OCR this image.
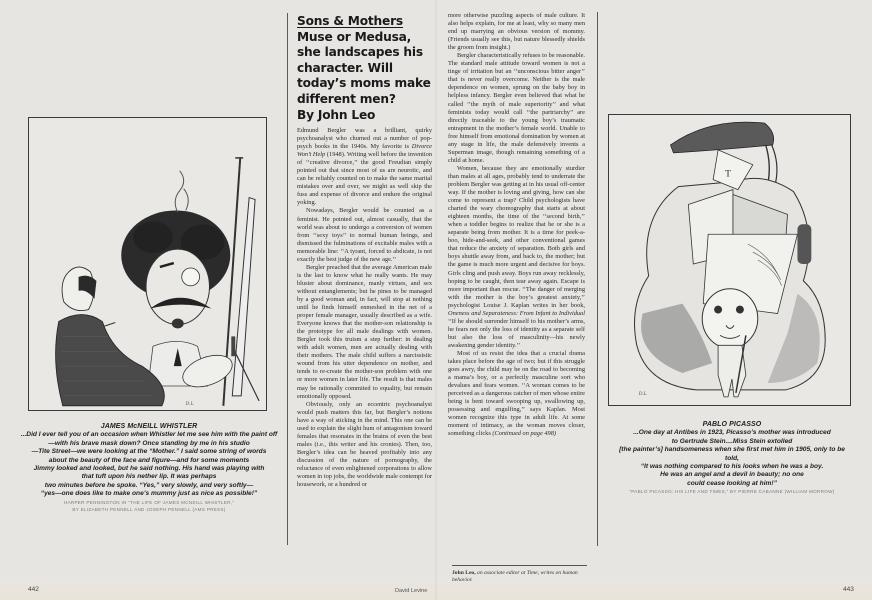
D.L.
JAMES McNEILL WHISTLER
...Did I ever tell you of an occasion when Whistler let me see him with the paint off
—with his brave mask down? Once standing by me in his studio
—Tite Street—we were looking at the “Mother.” I said some string of words
about the beauty of the face and figure—and for some moments
Jimmy looked and looked, but he said nothing. His hand was playing with
that tuft upon his nether lip. It was perhaps
two minutes before he spoke. “Yes,” very slowly, and very softly—
“yes—one does like to make one’s mummy just as nice as possible!”
HARPER PENNINGTON IN “THE LIFE OF JAMES MCNEILL WHISTLER,”
BY ELIZABETH PENNELL AND JOSEPH PENNELL (AMS PRESS)
T
D.L.
PABLO PICASSO
...One day at Antibes in 1923, Picasso’s mother was introduced
to Gertrude Stein....Miss Stein extolled
[the painter’s] handsomeness when she first met him in 1905, only to be told,
“It was nothing compared to his looks when he was a boy.
He was an angel and a devil in beauty; no one
could cease looking at him!”
“PABLO PICASSO: HIS LIFE AND TIMES,” BY PIERRE CABANNE (WILLIAM MORROW)
Sons & Mothers
Muse or Medusa, she landscapes his character. Will today’s moms make different men?
By John Leo

Edmund Bergler was a brilliant, quirky psychoanalyst who churned out a number of pop-psych books in the 1940s. My favorite is Divorce Won’t Help (1948). Writing well before the invention of ‘‘creative divorce,’’ the good Freudian simply pointed out that since most of us are neurotic, and can be reliably counted on to make the same marital mistakes over and over, we might as well skip the fuss and expense of divorce and endure the original yoking.

Nowadays, Bergler would be counted as a feminist. He pointed out, almost casually, that the world was about to undergo a conversion of women from ‘‘sexy toys’’ to normal human beings, and dismissed the fulminations of excitable males with a memorable line: ‘‘A tyrant, forced to abdicate, is not exactly the best judge of the new age.’’

Bergler preached that the average American male is the last to know what he really wants. He may bluster about dominance, manly virtues, and sex without entanglements; but he pines to be managed by a good woman and, in fact, will stop at nothing until he finds himself enmeshed in the net of a proper female manager, usually described as a wife. Everyone knows that the mother-son relationship is the prototype for all male dealings with women. Bergler took this truism a step further: in dealing with adult women, men are actually dealing with their mothers. The male child suffers a narcissistic wound from his utter dependence on mother, and tends to re-create the mother-son problem with one or more women in later life. The result is that males may be rationally commited to equality, but remain emotionally opposed.

Obviously, only an eccentric psychoanalyst would push matters this far, but Bergler’s notions have a way of sticking in the mind. This one can be used to explain the slight hum of antagonism toward females that resonates in the brains of even the best males (i.e., this writer and his cronies). Then, too, Bergler’s idea can be heaved profitably into any discussion of the nature of pornography, the reluctance of even enlightened corporations to allow women in top jobs, the worldwide male contempt for housework, or a hundred or

more otherwise puzzling aspects of male culture. It also helps explain, for me at least, why so many men end up marrying an obvious version of mommy. (Friends usually see this, but nature blessedly shields the groom from insight.)

Bergler characteristically refuses to be reasonable. The standard male attitude toward women is not a tinge of irritation but an ‘‘unconscious bitter anger’’ that is never really overcome. Neither is the male dependence on women, sprung on the baby boy in helpless infancy. Bergler even believed that what he called ‘‘the myth of male superiority’’ and what feminists today would call ‘‘the partriarchy’’ are directly traceable to the young boy’s traumatic entrapment in the mother’s female world. Unable to free himself from emotional domination by women at any stage in life, the male defensively invents a Superman image, though remaining something of a child at home.

Women, because they are emotionally sturdier than males at all ages, probably tend to underrate the problem Bergler was getting at in his usual off-center way. If the mother is loving and giving, how can she come to represent a trap? Child psychologists have charted the wary choreography that starts at about eighteen months, the time of the ‘‘second birth,’’ when a toddler begins to realize that he or she is a separate being from mother. It is a time for peek-a-boo, hide-and-seek, and other conventional games that reduce the anxiety of separation. Both girls and boys shuttle away from, and back to, the mother; but the game is much more urgent and decisive for boys. Girls cling and push away. Boys run away recklessly, hoping to be caught, then tear away again. Escape is more important than rescue. ‘‘The danger of merging with the mother is the boy’s greatest anxiety,’’ psychologist Louise J. Kaplan writes in her book, Oneness and Separateness: From Infant to Individual ‘‘If he should surrender himself to his mother’s arms, he fears not only the loss of identity as a separate self but also the loss of masculinity—his newly awakening gender identity.’’

Most of us resist the idea that a crucial drama takes place before the age of two; but if this struggle goes awry, the child may be on the road to becoming a mama’s boy, or a perfectly masculine sort who devalues and fears women. ‘‘A woman comes to be perceived as a dangerous catcher of men whose entire being is bent toward swooping up, swallowing up, possessing and engulfing,’’ says Kaplan. Most women recognize this type in adult life. At some moment of intimacy, as the woman moves closer, something clicks (Continued on page 498)

John Leo, an associate editor at Time, writes on human behavior.
442	David Levine	443
